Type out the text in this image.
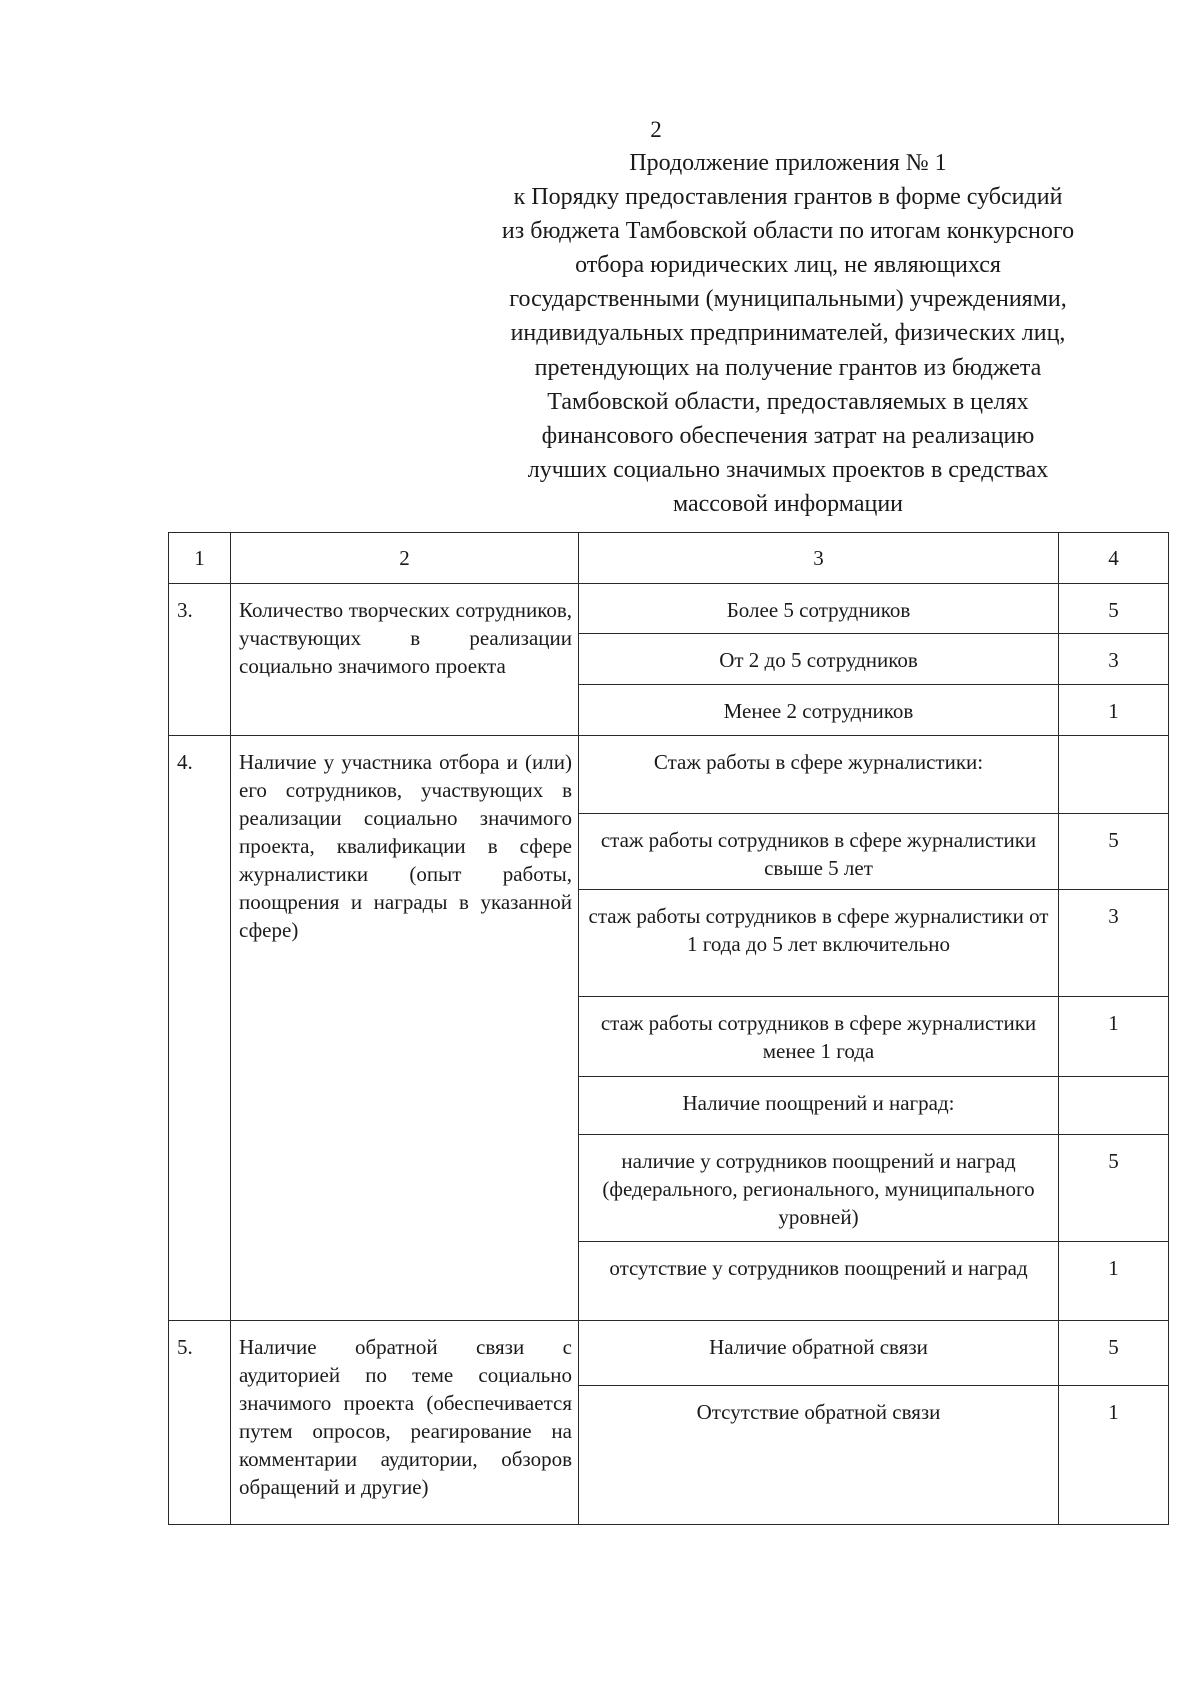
2
Продолжение приложения № 1
к Порядку предоставления грантов в форме субсидий
из бюджета Тамбовской области по итогам конкурсного
отбора юридических лиц, не являющихся
государственными (муниципальными) учреждениями,
индивидуальных предпринимателей, физических лиц,
претендующих на получение грантов из бюджета
Тамбовской области, предоставляемых в целях
финансового обеспечения затрат на реализацию
лучших социально значимых проектов в средствах
массовой информации
1	2	3	4
3.	Количество творческих сотрудников, участвующих в реализации социально значимого проекта	Более 5 сотрудников	5
		От 2 до 5 сотрудников	3
		Менее 2 сотрудников	1
4.	Наличие у участника отбора и (или) его сотрудников, участвующих в реализации социально значимого проекта, квалификации в сфере журналистики (опыт работы, поощрения и награды в указанной сфере)	Стаж работы в сфере журналистики:	
		стаж работы сотрудников в сфере журналистики свыше 5 лет	5
		стаж работы сотрудников в сфере журналистики от 1 года до 5 лет включительно	3
		стаж работы сотрудников в сфере журналистики менее 1 года	1
		Наличие поощрений и наград:	
		наличие у сотрудников поощрений и наград (федерального, регионального, муниципального уровней)	5
		отсутствие у сотрудников поощрений и наград	1
5.	Наличие обратной связи с аудиторией по теме социально значимого проекта (обеспечивается путем опросов, реагирование на комментарии аудитории, обзоров обращений и другие)	Наличие обратной связи	5
		Отсутствие обратной связи	1
